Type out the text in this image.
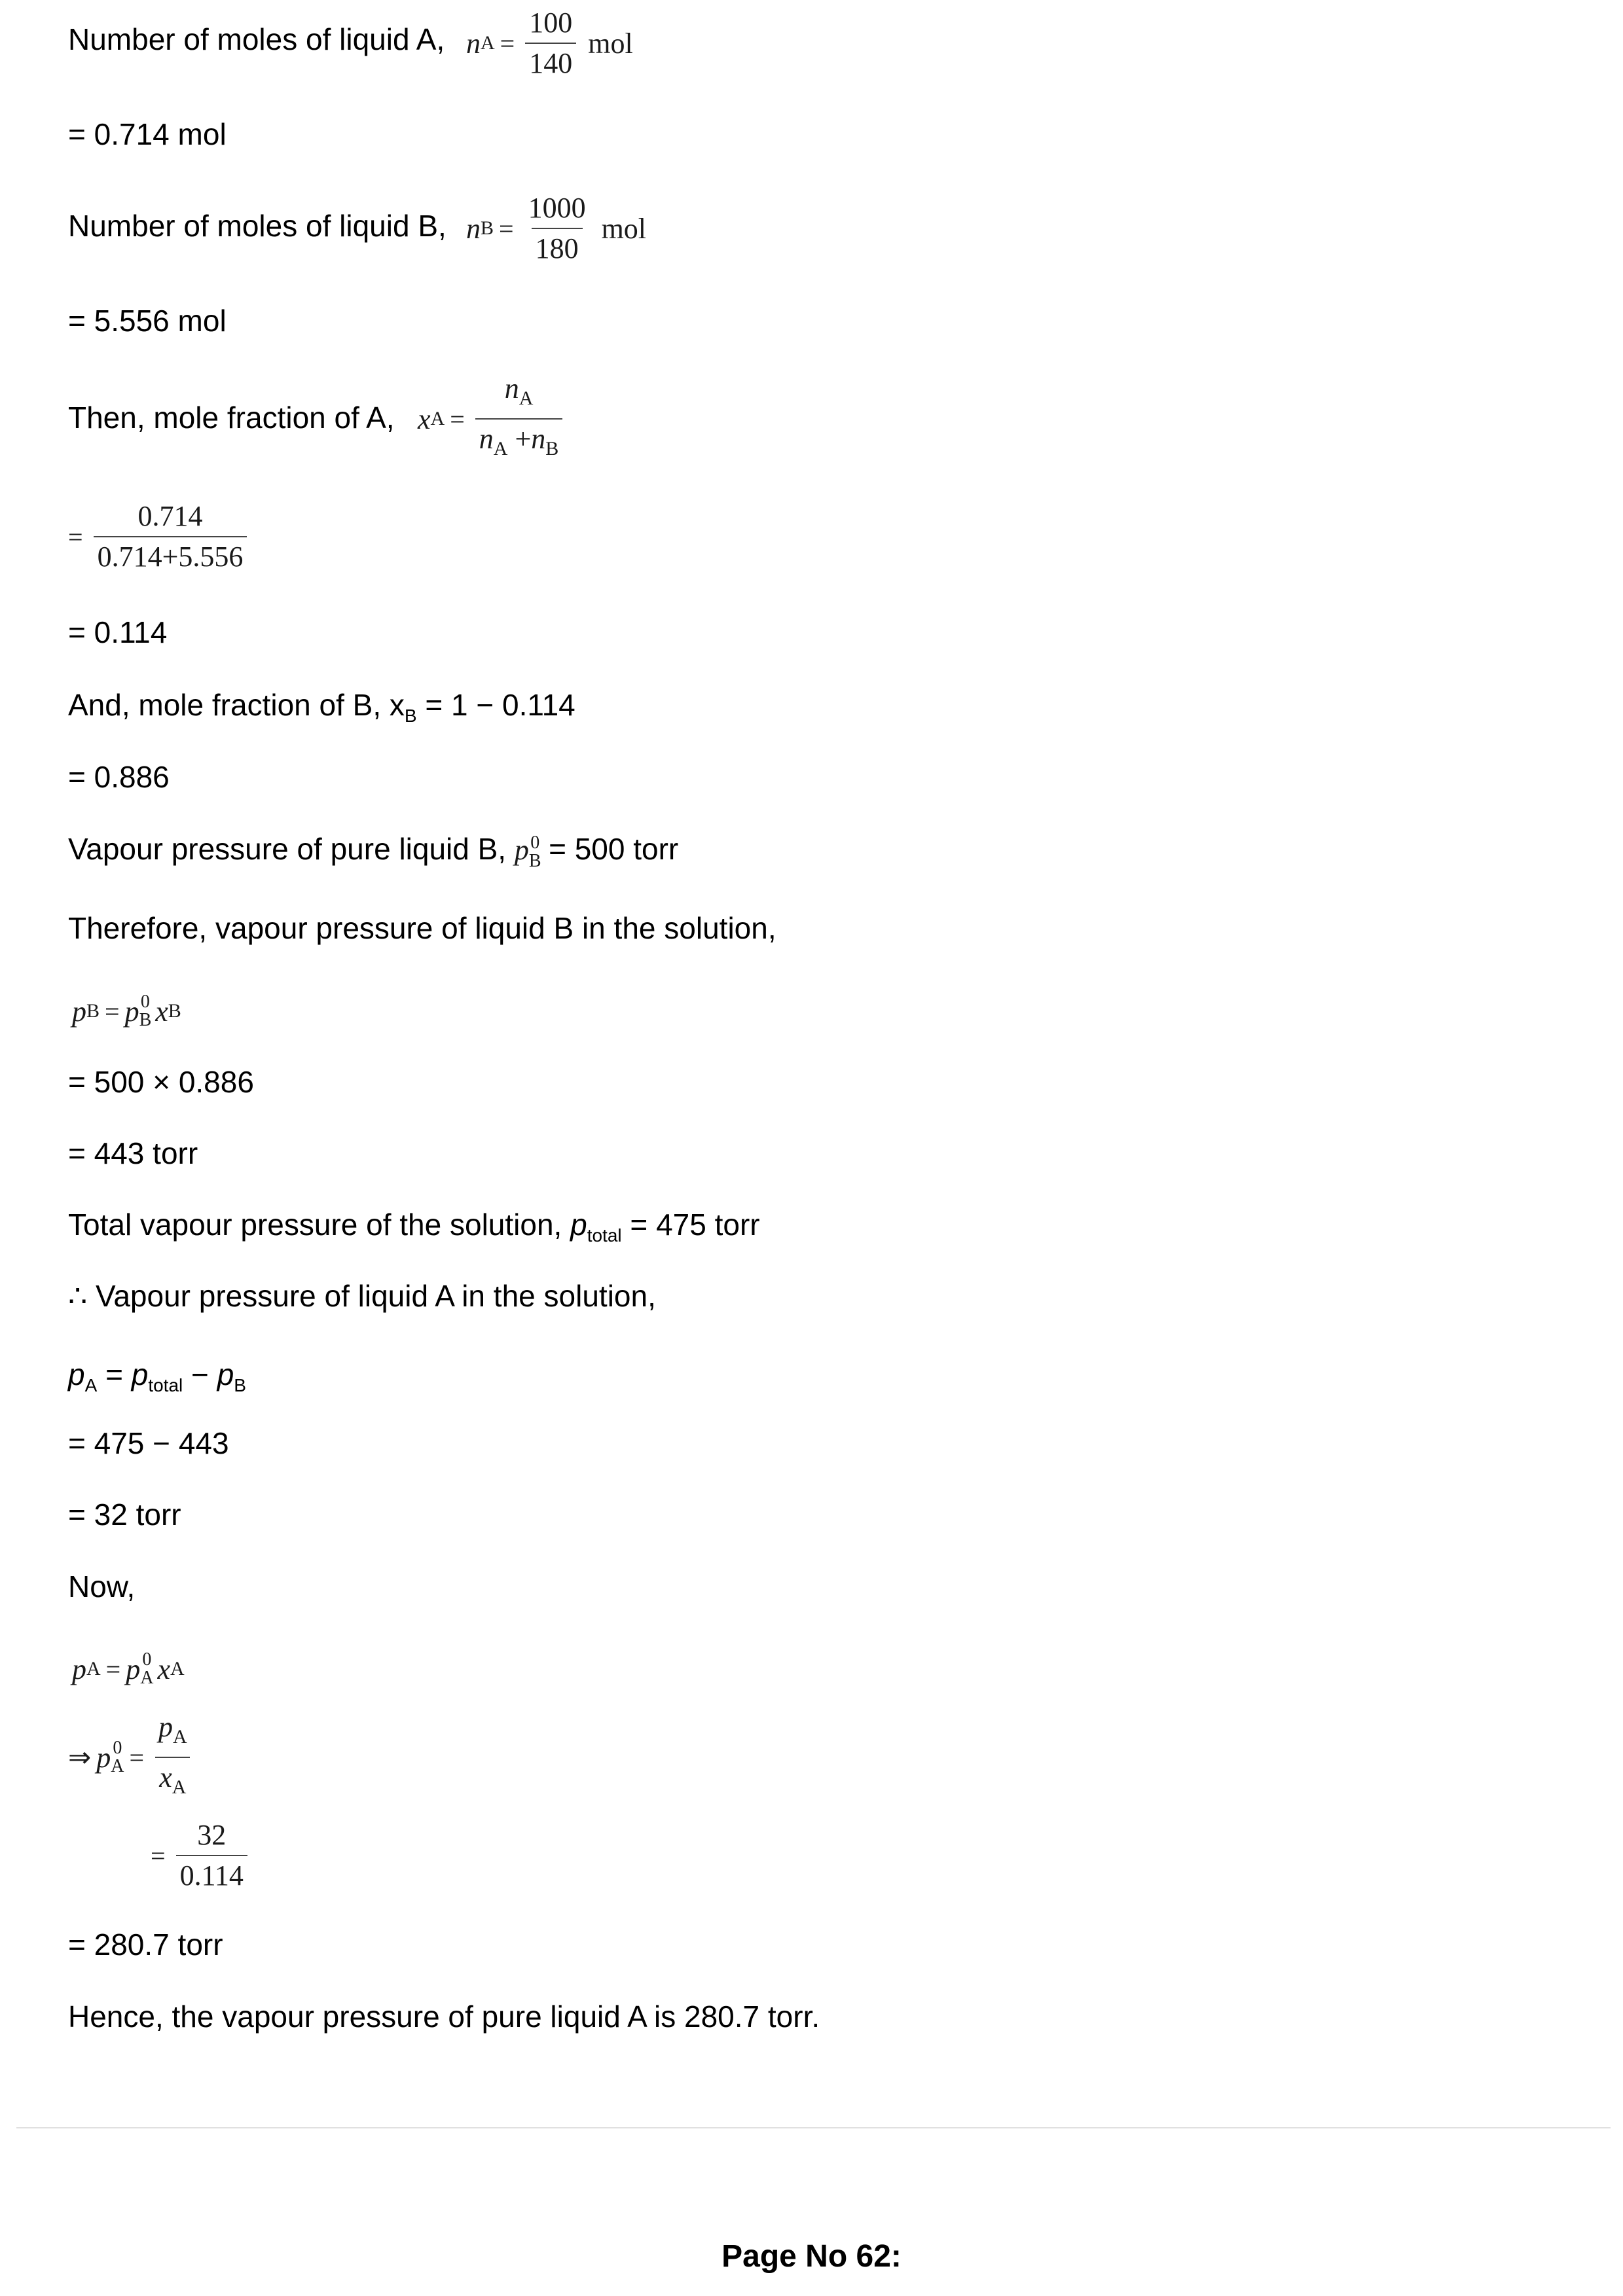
Number of moles of liquid A, n $A = \frac{100}{140}$ mol
= 0.714 mol
Number of moles of liquid B, n $B = \frac{1000}{180}$ mol
= 5.556 mol
Then, mole fraction of A, x $A = \frac{n_A}{n_A +n_B}$
= $\frac{0.714}{0.714+5.556}$
= 0.114
And, mole fraction of B, $x_B = 1 - 0.114$
= 0.886
Vapour pressure of pure liquid B, p 0
B = 500 torr
Therefore, vapour pressure of liquid B in the solution,
p B = p 0
B x B
= 500 × 0.886
= 443 torr
Total vapour pressure of the solution, $p_{total} = 475$ torr
∴ Vapour pressure of liquid A in the solution,
$p_A = p_{total} - p_B$
= 475 − 443
= 32 torr
Now,
p A = p 0
A x A
⇒ p 0
$A = \frac{p_A}{x_A}$
= $\frac{32}{0.114}$
= 280.7 torr
Hence, the vapour pressure of pure liquid A is 280.7 torr.
Page No 62:
